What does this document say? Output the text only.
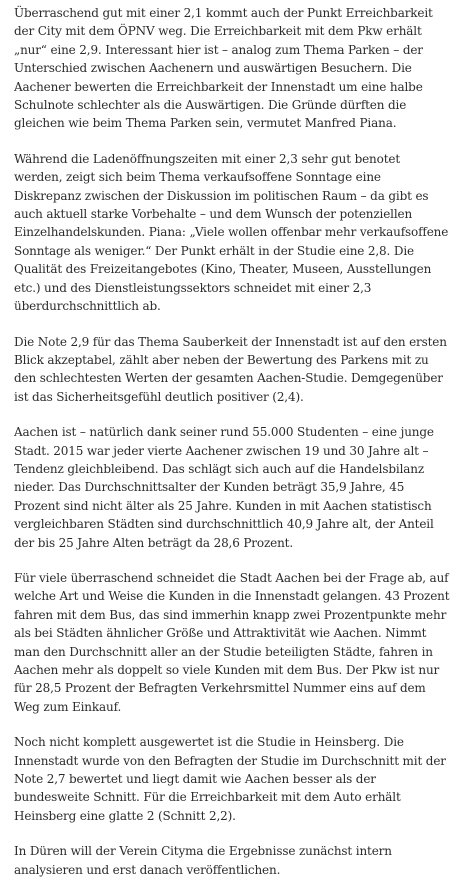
Überraschend gut mit einer 2,1 kommt auch der Punkt Erreichbarkeit der City mit dem ÖPNV weg. Die Erreichbarkeit mit dem Pkw erhält „nur“ eine 2,9. Interessant hier ist – analog zum Thema Parken – der Unterschied zwischen Aachenern und auswärtigen Besuchern. Die Aachener bewerten die Erreichbarkeit der Innenstadt um eine halbe Schulnote schlechter als die Auswärtigen. Die Gründe dürften die gleichen wie beim Thema Parken sein, vermutet Manfred Piana.

Während die Ladenöffnungszeiten mit einer 2,3 sehr gut benotet werden, zeigt sich beim Thema verkaufsoffene Sonntage eine Diskrepanz zwischen der Diskussion im politischen Raum – da gibt es auch aktuell starke Vorbehalte – und dem Wunsch der potenziellen Einzelhandelskunden. Piana: „Viele wollen offenbar mehr verkaufsoffene Sonntage als weniger.“ Der Punkt erhält in der Studie eine 2,8. Die Qualität des Freizeitangebotes (Kino, Theater, Museen, Ausstellungen etc.) und des Dienstleistungssektors schneidet mit einer 2,3 überdurchschnittlich ab.

Die Note 2,9 für das Thema Sauberkeit der Innenstadt ist auf den ersten Blick akzeptabel, zählt aber neben der Bewertung des Parkens mit zu den schlechtesten Werten der gesamten Aachen-Studie. Demgegenüber ist das Sicherheitsgefühl deutlich positiver (2,4).

Aachen ist – natürlich dank seiner rund 55.000 Studenten – eine junge Stadt. 2015 war jeder vierte Aachener zwischen 19 und 30 Jahre alt – Tendenz gleichbleibend. Das schlägt sich auch auf die Handelsbilanz nieder. Das Durchschnittsalter der Kunden beträgt 35,9 Jahre, 45 Prozent sind nicht älter als 25 Jahre. Kunden in mit Aachen statistisch vergleichbaren Städten sind durchschnittlich 40,9 Jahre alt, der Anteil der bis 25 Jahre Alten beträgt da 28,6 Prozent.

Für viele überraschend schneidet die Stadt Aachen bei der Frage ab, auf welche Art und Weise die Kunden in die Innenstadt gelangen. 43 Prozent fahren mit dem Bus, das sind immerhin knapp zwei Prozentpunkte mehr als bei Städten ähnlicher Größe und Attraktivität wie Aachen. Nimmt man den Durchschnitt aller an der Studie beteiligten Städte, fahren in Aachen mehr als doppelt so viele Kunden mit dem Bus. Der Pkw ist nur für 28,5 Prozent der Befragten Verkehrsmittel Nummer eins auf dem Weg zum Einkauf.

Noch nicht komplett ausgewertet ist die Studie in Heinsberg. Die Innenstadt wurde von den Befragten der Studie im Durchschnitt mit der Note 2,7 bewertet und liegt damit wie Aachen besser als der bundesweite Schnitt. Für die Erreichbarkeit mit dem Auto erhält Heinsberg eine glatte 2 (Schnitt 2,2).

In Düren will der Verein Cityma die Ergebnisse zunächst intern analysieren und erst danach veröffentlichen.
